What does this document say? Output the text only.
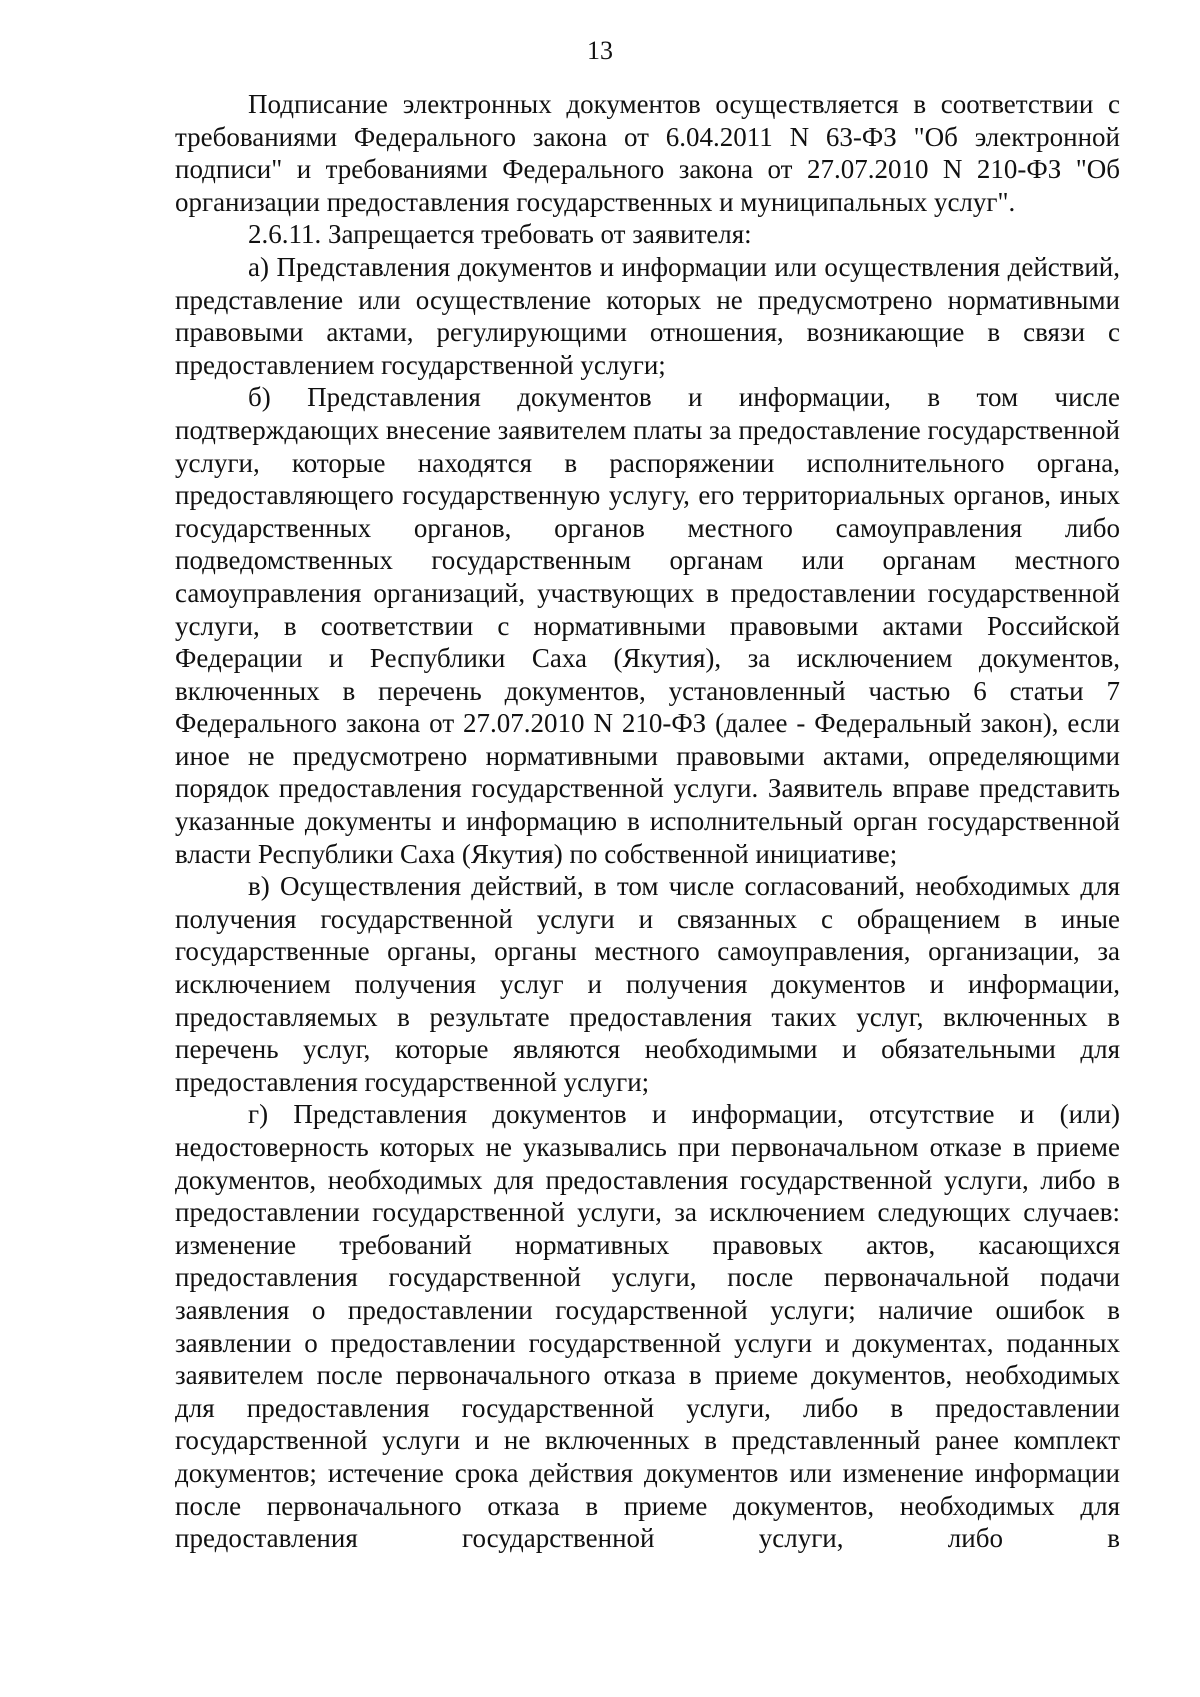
13

Подписание электронных документов осуществляется в соответствии с требованиями Федерального закона от 6.04.2011 N 63-ФЗ "Об электронной подписи" и требованиями Федерального закона от 27.07.2010 N 210-ФЗ "Об организации предоставления государственных и муниципальных услуг".

2.6.11. Запрещается требовать от заявителя:

а) Представления документов и информации или осуществления действий, представление или осуществление которых не предусмотрено нормативными правовыми актами, регулирующими отношения, возникающие в связи с предоставлением государственной услуги;

б) Представления документов и информации, в том числе подтверждающих внесение заявителем платы за предоставление государственной услуги, которые находятся в распоряжении исполнительного органа, предоставляющего государственную услугу, его территориальных органов, иных государственных органов, органов местного самоуправления либо подведомственных государственным органам или органам местного самоуправления организаций, участвующих в предоставлении государственной услуги, в соответствии с нормативными правовыми актами Российской Федерации и Республики Саха (Якутия), за исключением документов, включенных в перечень документов, установленный частью 6 статьи 7 Федерального закона от 27.07.2010 N 210-ФЗ (далее - Федеральный закон), если иное не предусмотрено нормативными правовыми актами, определяющими порядок предоставления государственной услуги. Заявитель вправе представить указанные документы и информацию в исполнительный орган государственной власти Республики Саха (Якутия) по собственной инициативе;

в) Осуществления действий, в том числе согласований, необходимых для получения государственной услуги и связанных с обращением в иные государственные органы, органы местного самоуправления, организации, за исключением получения услуг и получения документов и информации, предоставляемых в результате предоставления таких услуг, включенных в перечень услуг, которые являются необходимыми и обязательными для предоставления государственной услуги;

г) Представления документов и информации, отсутствие и (или) недостоверность которых не указывались при первоначальном отказе в приеме документов, необходимых для предоставления государственной услуги, либо в предоставлении государственной услуги, за исключением следующих случаев: изменение требований нормативных правовых актов, касающихся предоставления государственной услуги, после первоначальной подачи заявления о предоставлении государственной услуги; наличие ошибок в заявлении о предоставлении государственной услуги и документах, поданных заявителем после первоначального отказа в приеме документов, необходимых для предоставления государственной услуги, либо в предоставлении государственной услуги и не включенных в представленный ранее комплект документов; истечение срока действия документов или изменение информации после первоначального отказа в приеме документов, необходимых для предоставления государственной услуги, либо в
